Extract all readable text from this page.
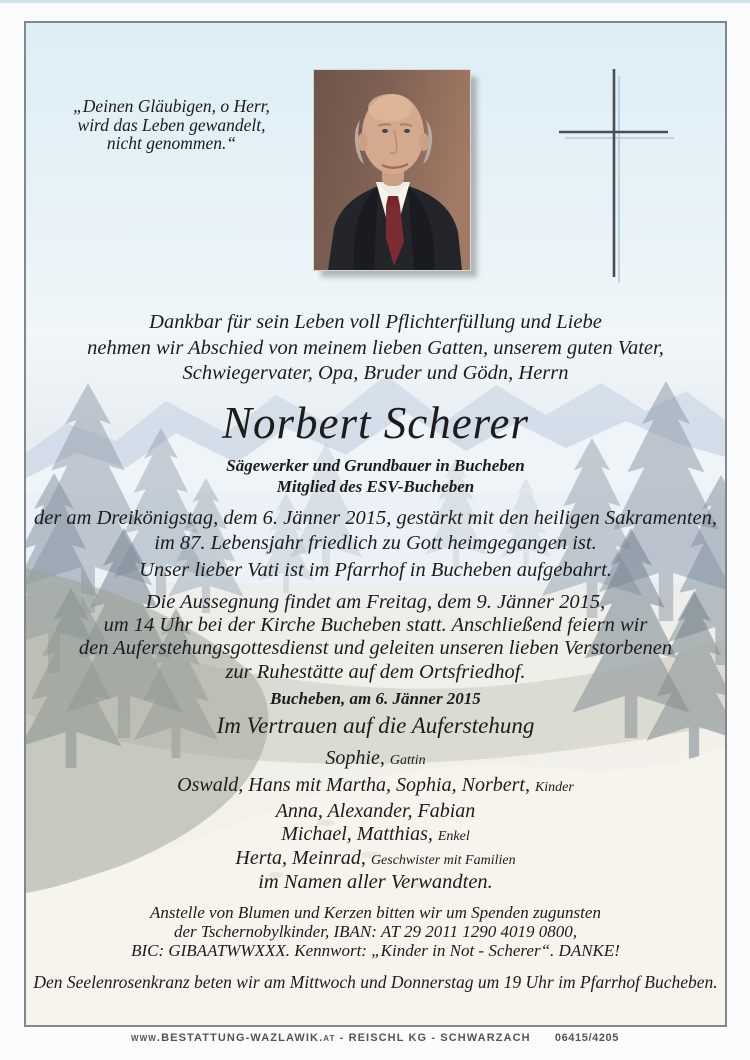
„Deinen Gläubigen, o Herr,
wird das Leben gewandelt,
nicht genommen.“
Dankbar für sein Leben voll Pflichterfüllung und Liebe
nehmen wir Abschied von meinem lieben Gatten, unserem guten Vater,
Schwiegervater, Opa, Bruder und Gödn, Herrn
Norbert Scherer
Sägewerker und Grundbauer in Bucheben
Mitglied des ESV-Bucheben
der am Dreikönigstag, dem 6. Jänner 2015, gestärkt mit den heiligen Sakramenten,
im 87. Lebensjahr friedlich zu Gott heimgegangen ist.
Unser lieber Vati ist im Pfarrhof in Bucheben aufgebahrt.
Die Aussegnung findet am Freitag, dem 9. Jänner 2015,
um 14 Uhr bei der Kirche Bucheben statt. Anschließend feiern wir
den Auferstehungsgottesdienst und geleiten unseren lieben Verstorbenen
zur Ruhestätte auf dem Ortsfriedhof.
Bucheben, am 6. Jänner 2015
Im Vertrauen auf die Auferstehung
Sophie, Gattin
Oswald, Hans mit Martha, Sophia, Norbert, Kinder
Anna, Alexander, Fabian
Michael, Matthias, Enkel
Herta, Meinrad, Geschwister mit Familien
im Namen aller Verwandten.
Anstelle von Blumen und Kerzen bitten wir um Spenden zugunsten
der Tschernobylkinder, IBAN: AT 29 2011 1290 4019 0800,
BIC: GIBAATWWXXX. Kennwort: „Kinder in Not - Scherer“. DANKE!
Den Seelenrosenkranz beten wir am Mittwoch und Donnerstag um 19 Uhr im Pfarrhof Bucheben.
www.BESTATTUNG-WAZLAWIK.at - REISCHL KG - SCHWARZACH 06415/4205
